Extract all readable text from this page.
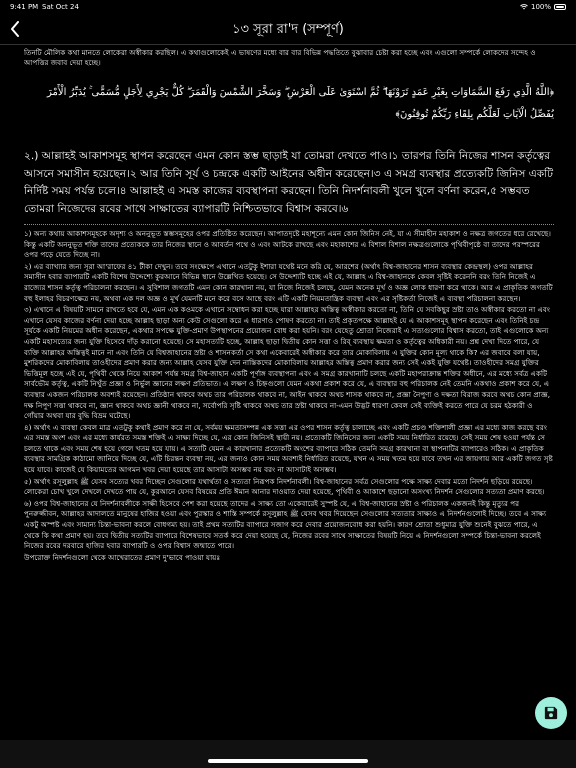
9:41 PM Sat Oct 24	100%
১৩ সূরা রা'দ (সম্পূর্ণ)

তিনটি মৌলিক কথা মানতে লোকেরা অস্বীকার করছিল। এ কথাগুলোকেই এ ভাষণের মধ্যে বার বার বিভিন্ন পদ্ধতিতে বুঝাবার চেষ্টা করা হচ্ছে এবং এগুলো সম্পর্কে লোকদের সন্দেহ ও আপত্তির জবাব দেয়া হচ্ছে।

﴿اللَّهُ الَّذِي رَفَعَ السَّمَاوَاتِ بِغَيْرِ عَمَدٍ تَرَوْنَهَا ۖ ثُمَّ اسْتَوَىٰ عَلَى الْعَرْشِ ۖ وَسَخَّرَ الشَّمْسَ وَالْقَمَرَ ۖ كُلٌّ يَجْرِي لِأَجَلٍ مُّسَمًّى ۚ يُدَبِّرُ الْأَمْرَ يُفَصِّلُ الْآيَاتِ لَعَلَّكُم بِلِقَاءِ رَبِّكُمْ تُوقِنُونَ﴾

২.) আল্লাহই আকাশসমূহ স্থাপন করেছেন এমন কোন স্তম্ভ ছাড়াই যা তোমরা দেখতে পাও।১ তারপর তিনি নিজের শাসন কর্তৃত্বের আসনে সমাসীন হয়েছেন।২ আর তিনি সূর্য ও চন্দ্রকে একটি আইনের অধীন করেছেন।৩ এ সমগ্র ব্যবস্থার প্রত্যেকটি জিনিস একটি নির্দিষ্ট সময় পর্যন্ত চলে।৪ আল্লাহই এ সমস্ত কাজের ব্যবস্থাপনা করছেন। তিনি নিদর্শনাবলী খুলে খুলে বর্ণনা করেন,৫ সম্ভবত তোমরা নিজেদের রবের সাথে সাক্ষাতের ব্যাপারটি নিশ্চিতভাবে বিশ্বাস করবে।৬

১) অন্য কথায় আকাশসমূহকে অদৃশ্য ও অননুভূত স্তম্ভসমূহের ওপর প্রতিষ্ঠিত করেছেন। আপাতদৃষ্টে মহাশূন্যে এমন কোন জিনিস নেই, যা এ সীমাহীন মহাকাশ ও নক্ষত্র জগতের ধরে রেখেছে। কিন্তু একটি অননুভূত শক্তি তাদের প্রত্যেককে তার নিজের স্থানে ও আবর্তন পথে ও এবং আটকে রাখছে এবং মহাকাশের এ বিশাল বিশাল নক্ষত্রগুলোকে পৃথিবীপৃষ্ঠে বা তাদের পরস্পরের ওপর পড়ে যেতে দিচ্ছে না।

২) এর ব্যাখ্যার জন্য সূরা আ'রাফের ৪১ টীকা দেখুন। তবে সংক্ষেপে এখানে এতটুকু ইশারা যথেষ্ট মনে করি যে, আরশের (অর্থাৎ বিশ্ব-জাহানের শাসন ব্যবস্থার কেন্দ্রস্থল) ওপর আল্লাহর সমাসীন হবার ব্যাপারটি একটি বিশেষ উদ্দেশ্যে কুরআনে বিভিন্ন স্থানে উল্লেখিত হয়েছে। সে উদ্দেশ্যটি হচ্ছে এই যে, আল্লাহ এ বিশ্ব-জাহানকে কেবল সৃষ্টিই করেননি বরং তিনি নিজেই এ রাজ্যের শাসন কর্তৃত্ব পরিচালনা করছেন। এ সুবিশাল জগতটি এমন কোন কারখানা নয়, যা নিজে নিজেই চলছে, যেমন অনেক মূর্খ ও অজ্ঞ লোক ধারণা করে থাকে। আর এ প্রাকৃতিক জগতটি বহু ইলাহর বিচরণক্ষেত্র নয়, অথবা এক দল অজ্ঞ ও মূর্খ যেমনটি মনে করে বসে আছে বরং এটি একটি নিয়মতান্ত্রিক ব্যবস্থা এবং এর সৃষ্টিকর্তা নিজেই এ ব্যবস্থা পরিচালনা করছেন।

৩) এখানে এ বিষয়টি সামনে রাখতে হবে যে, এমন এক কওমকে এখানে সম্বোধন করা হচ্ছে যারা আল্লাহর অস্তিত্ব অস্বীকার করতো না, তিনি যে সবকিছুর স্রষ্টা তাও অস্বীকার করতো না এবং এখানে যেসব কাজের বর্ণনা দেয়া হচ্ছে আল্লাহ ছাড়া অন্য কেউ সেগুলো করে এ ধারণাও পোষণ করতো না। তাই প্রকৃতপক্ষে আল্লাহই যে এ আকাশসমূহ স্থাপন করেছেন এবং তিনিই চন্দ্র সূর্যকে একটি নিয়মের অধীন করেছেন, একথার সপক্ষে যুক্তি-প্রমাণ উপস্থাপনের প্রয়োজন বোধ করা হয়নি। বরং যেহেতু শ্রোতা নিজেরাই এ সত্যগুলোর বিশ্বাস করতো, তাই এগুলোকে অন্য একটি মহাসত্যের জন্য যুক্তি হিসেবে দাঁড় করানো হয়েছে। সে মহাসত্যটি হচ্ছে, আল্লাহ ছাড়া দ্বিতীয় কোন সত্তা ও রিব্ ব্যবস্থায় ক্ষমতা ও কর্তৃত্বের অধিকারী নয়। প্রশ্ন দেখা দিতে পারে, যে ব্যক্তি আল্লাহর অস্তিত্বই মানে না এবং তিনি যে বিশ্বজাহানের স্রষ্টা ও শাসনকর্তা সে কথা একেবারেই অস্বীকার করে তার মোকাবিলায় এ যুক্তির কোন মূল্য থাকে কি? এর জবাবে বলা যায়, মুশরিকদের মোকাবিলায় তাওহীদের প্রমাণ করার জন্য আল্লাহ যেসব যুক্তি দেন নাস্তিকদের মোকাবিলায় আল্লাহর অস্তিত্ব প্রমাণ করার জন্য সেই একই যুক্তি যথেষ্ট। তাওহীদের সমগ্র যুক্তির ভিত্তিমূল হচ্ছে এই যে, পৃথিবী থেকে নিয়ে আকাশ পর্যন্ত সমগ্র বিশ্ব-জাহান একটি পূর্ণাঙ্গ ব্যবস্থাপনা এবং এ সমগ্র কারখানাটি চলছে একটি মহাপরাক্রান্ত শক্তির অধীনে, এর মধ্যে সর্বত্র একটি সার্বভৌম কর্তৃত্ব, একটি নিখুঁত প্রজ্ঞা ও নির্ভুল জ্ঞানের লক্ষণ প্রতিভাত। এ লক্ষণ ও চিহ্নগুলো যেমন একথা প্রকাশ করে যে, এ ব্যবস্থার বহু পরিচালক নেই তেমনি একথাও প্রকাশ করে যে, এ ব্যবস্থার একজন পরিচালক অবশ্যই রয়েছেন। প্রতিষ্ঠান থাকবে অথচ তার পরিচালক থাকবে না, আইন থাকবে অথচ শাসক থাকবে না, প্রজ্ঞা নৈপুণ্য ও দক্ষতা বিরাজ করবে অথচ কোন প্রাজ্ঞ, দক্ষ নিপুণ সত্তা থাকবে না, জ্ঞান থাকবে অথচ জ্ঞানী থাকবে না, সর্বোপরি সৃষ্টি থাকবে অথচ তার স্রষ্টা থাকবে না-এমন উদ্ভট ধারণা কেবল সেই ব্যক্তিই করতে পারে যে চরম হঠকারী ও গোঁয়ার অথবা যার বুদ্ধি বিভ্রম ঘটেছে।

৪) অর্থাৎ এ ব্যবস্থা কেবল মাত্র এতটুকু কথাই প্রমাণ করে না যে, সর্বময় ক্ষমতাসম্পন্ন এক সত্তা এর ওপর শাসন কর্তৃত্ব চালাচ্ছে এবং একটি প্রচণ্ড শক্তিশালী প্রজ্ঞা এর মধ্যে কাজ করছে বরং এর সমস্ত অংশ এবং এর মধ্যে কার্যরত সমস্ত শক্তিই এ সাক্ষ্য দিচ্ছে যে, এর কোন জিনিসই স্থায়ী নয়। প্রত্যেকটি জিনিসের জন্য একটি সময় নির্ধারিত রয়েছে। সেই সময় শেষ হওয়া পর্যন্ত সে চলতে থাকে এবং সময় শেষ হয়ে গেলে খতম হয়ে যায়। এ সত্যটি যেমন এ কারখানার প্রত্যেকটি অংশের ব্যাপারে সঠিক তেমনি সমগ্র কারখানা বা স্থাপনাটির ব্যাপারেও সঠিক। এ প্রাকৃতিক ব্যবস্থার সামগ্রিক কাঠামো জানিয়ে দিচ্ছে যে, এটি চিরন্তন ব্যবস্থা নয়, এর জন্যও কোন সময় অবশ্যই নির্ধারিত রয়েছে, যখন এ সময় খতম হয়ে যাবে তখন এর জায়গায় আর একটি জগত সৃষ্ট হয়ে যাবে। কাজেই যে কিয়ামতের আগমন খবর দেয়া হয়েছে তার আসাটা অসম্ভব নয় বরং না আসাটাই অসম্ভব।

৫) অর্থাৎ রসূলুল্লাহ ﷺ যেসব সত্যের খবর দিচ্ছেন সেগুলোর যথার্থতা ও সত্যতা নিরূপক নিদর্শনাবলী। বিশ্ব-জাহানের সর্বত্র সেগুলোর পক্ষে সাক্ষ্য দেবার মতো নিদর্শন ছড়িয়ে রয়েছে। লোকেরা চোখ খুলে দেখলে দেখতে পায় যে, কুরআনে যেসব বিষয়ের প্রতি ঈমান আনার দাওয়াত দেয়া হয়েছে, পৃথিবী ও আকাশে ছড়ানো অসংখ্য নিদর্শন সেগুলোর সত্যতা প্রমাণ করছে।

৬) ওপর বিশ্ব-জাহানের যে নিদর্শনাবলীকে সাক্ষী হিসেবে পেশ করা হয়েছে তাদের এ সাক্ষ্য তো একেবারেই সুস্পষ্ট যে, এ বিশ্ব-জাহানের স্রষ্টা ও পরিচালক একজনই কিন্তু মৃত্যুর পর পুনরুজ্জীবন, আল্লাহর আদালতে মানুষের হাজির হওয়া এবং পুরস্কার ও শাস্তি সম্পর্কে রসূলুল্লাহ ﷺ যেসব খবর দিয়েছেন সেগুলোর সত্যতার সাক্ষ্যও এ নিদর্শনগুলোই দিচ্ছে। তবে এ সাক্ষ্য একটু অস্পষ্ট এবং সামান্য চিন্তা-ভাবনা করলে বোধগম্য হয়। তাই প্রথম সত্যটির ব্যাপারে সজাগ করে দেবার প্রয়োজনবোধ করা হয়নি। কারণ শ্রোতা শুধুমাত্র যুক্তি শুনেই বুঝতে পারে, এ থেকে কি কথা প্রমাণ হয়। তবে দ্বিতীয় সত্যটির ব্যাপারে বিশেষভাবে সতর্ক করে দেয়া হয়েছে যে, নিজের রবের সাথে সাক্ষাতের বিষয়টি নিয়ে এ নিদর্শনগুলো সম্পর্কে চিন্তা-ভাবনা করলেই নিজের রবের দরবারে হাজির হবার ব্যাপারটি ও ওপর বিশ্বাস জন্মাতে পারে।

উপরোক্ত নিদর্শনগুলো থেকে আখেরাতের প্রমাণ দু'ভাবে পাওয়া যায়ঃ
